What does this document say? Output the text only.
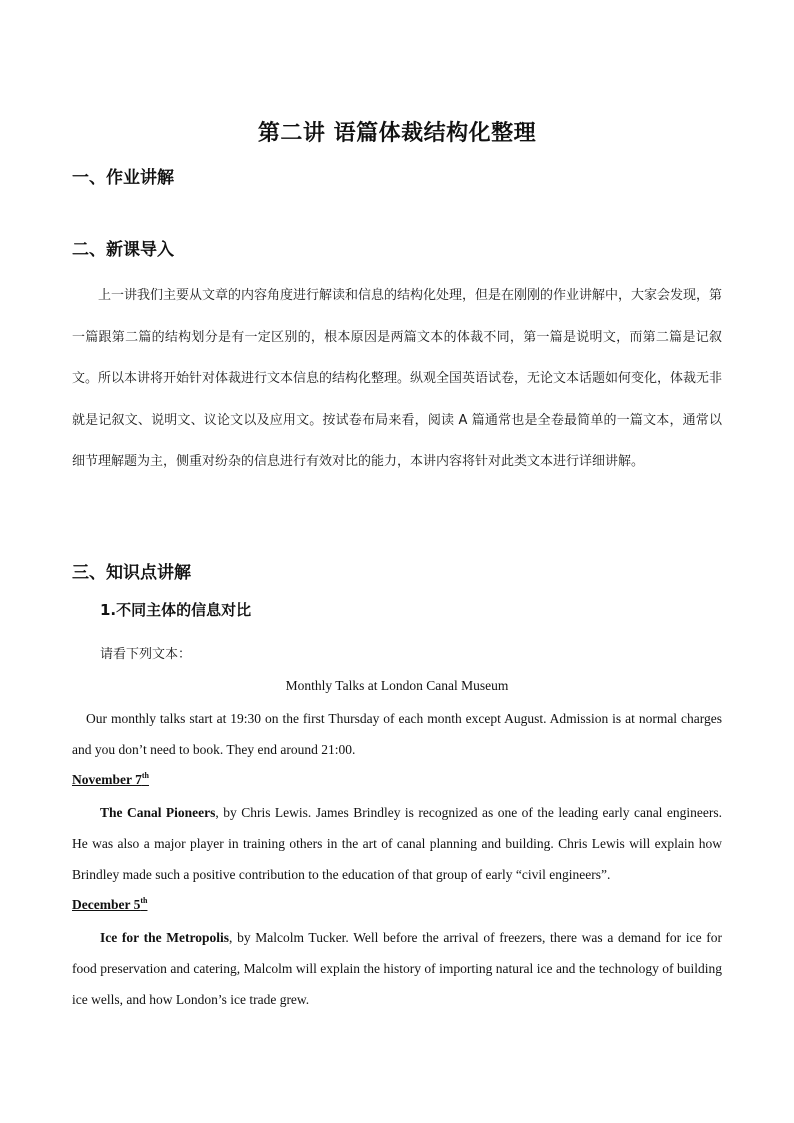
第二讲 语篇体裁结构化整理
一、作业讲解
二、新课导入
上一讲我们主要从文章的内容角度进行解读和信息的结构化处理，但是在刚刚的作业讲解中，大家会发现，第一篇跟第二篇的结构划分是有一定区别的，根本原因是两篇文本的体裁不同，第一篇是说明文，而第二篇是记叙文。所以本讲将开始针对体裁进行文本信息的结构化整理。纵观全国英语试卷，无论文本话题如何变化，体裁无非就是记叙文、说明文、议论文以及应用文。按试卷布局来看，阅读 A 篇通常也是全卷最简单的一篇文本，通常以细节理解题为主，侧重对纷杂的信息进行有效对比的能力，本讲内容将针对此类文本进行详细讲解。
三、知识点讲解
1.不同主体的信息对比
请看下列文本：
Monthly Talks at London Canal Museum
Our monthly talks start at 19:30 on the first Thursday of each month except August. Admission is at normal charges and you don’t need to book. They end around 21:00.
November 7th
The Canal Pioneers, by Chris Lewis. James Brindley is recognized as one of the leading early canal engineers. He was also a major player in training others in the art of canal planning and building. Chris Lewis will explain how Brindley made such a positive contribution to the education of that group of early “civil engineers”.
December 5th
Ice for the Metropolis, by Malcolm Tucker. Well before the arrival of freezers, there was a demand for ice for food preservation and catering, Malcolm will explain the history of importing natural ice and the technology of building ice wells, and how London’s ice trade grew.
